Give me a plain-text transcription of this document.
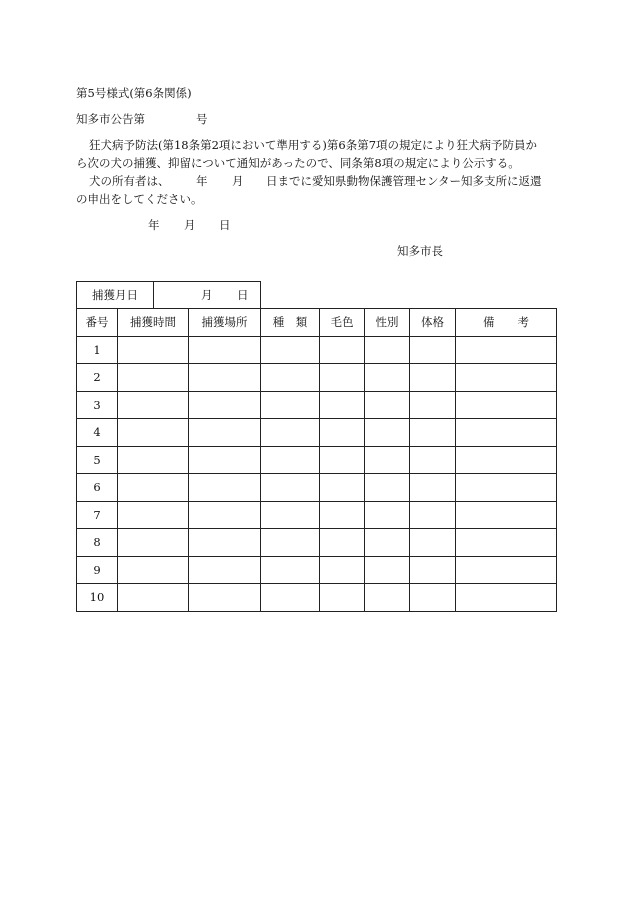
第5号様式(第6条関係)
知多市公告第	号
狂犬病予防法(第18条第2項において準用する)第6条第7項の規定により狂犬病予防員か
ら次の犬の捕獲、抑留について通知があったので、同条第8項の規定により公示する。
犬の所有者は、 年 月 日までに愛知県動物保護管理センター知多支所に返還
の申出をしてください。
年 月 日
知多市長
捕獲月日	月 日
番号	捕獲時間	捕獲場所	種　類	毛色	性別	体格	備　　考
1							
2							
3							
4							
5							
6							
7							
8							
9							
10							
